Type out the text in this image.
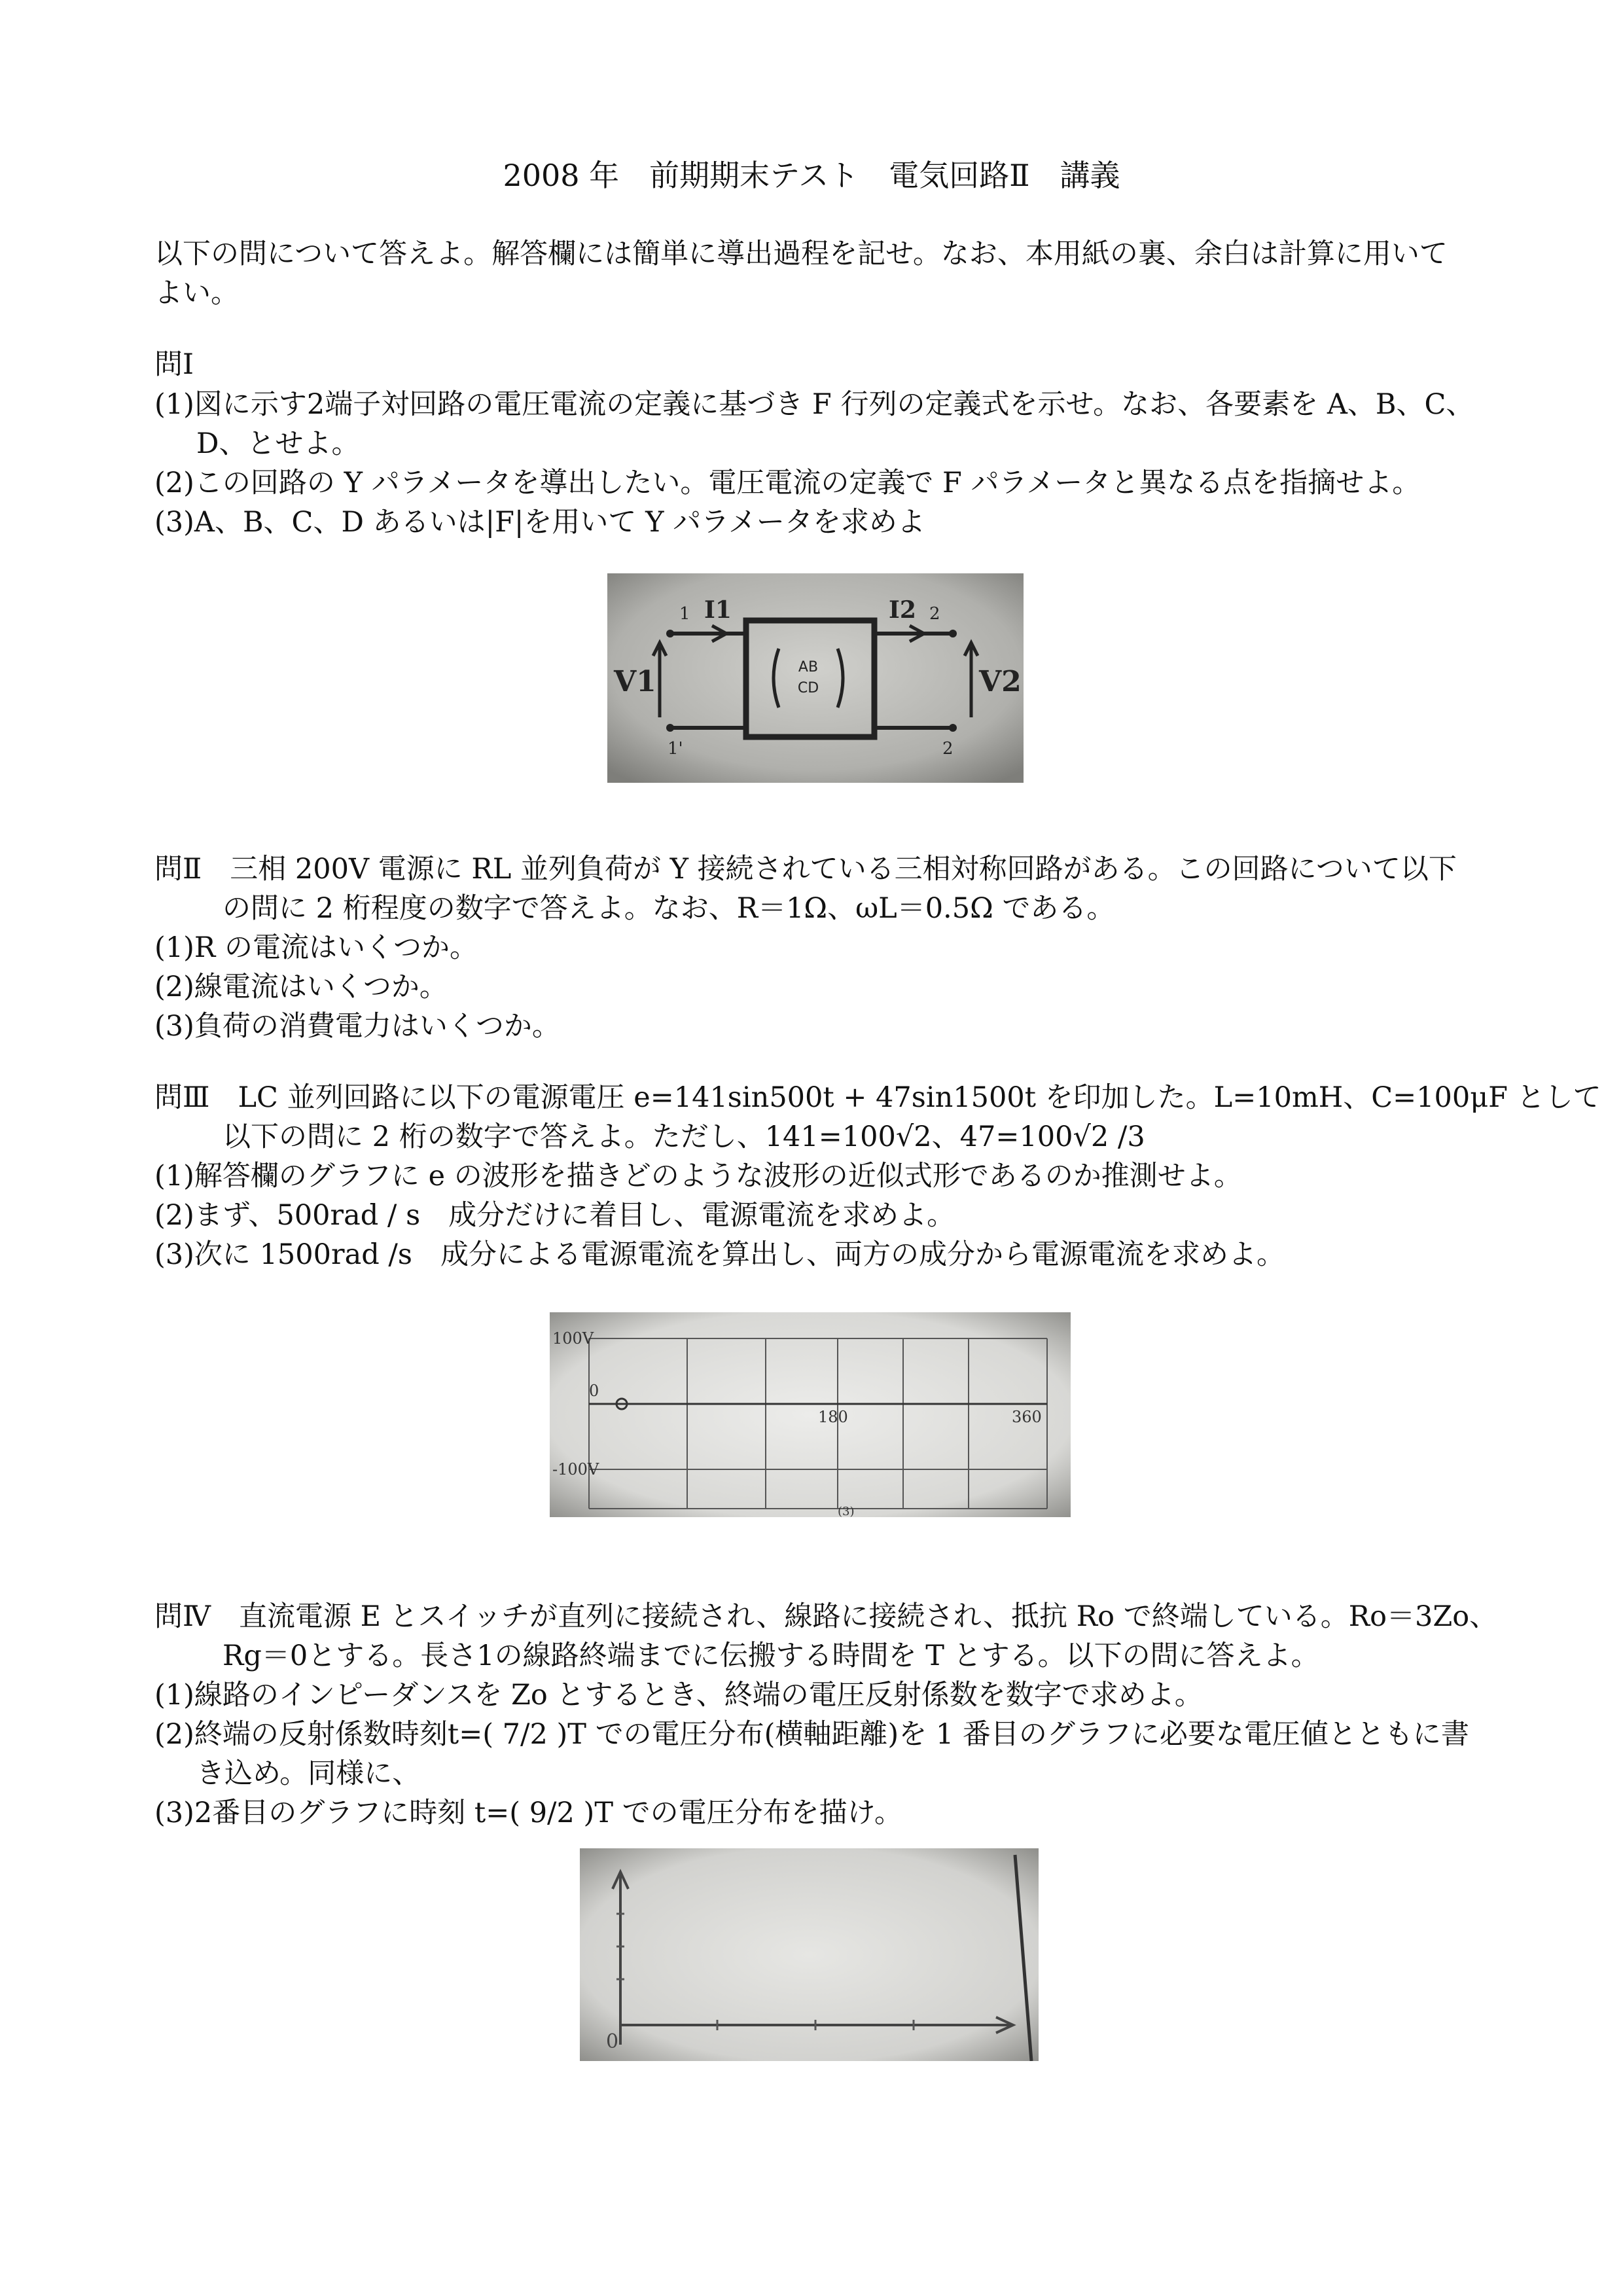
2008 年　前期期末テスト　電気回路Ⅱ　講義
以下の問について答えよ。解答欄には簡単に導出過程を記せ。なお、本用紙の裏、余白は計算に用いて
よい。
問Ⅰ
(1)図に示す2端子対回路の電圧電流の定義に基づき F 行列の定義式を示せ。なお、各要素を A、B、C、
D、とせよ。
(2)この回路の Y パラメータを導出したい。電圧電流の定義で F パラメータと異なる点を指摘せよ。
(3)A、B、C、D あるいは|F|を用いて Y パラメータを求めよ
AB
CD
1 I1	I2 2
V1	V2
1'	2
問Ⅱ　三相 200V 電源に RL 並列負荷が Y 接続されている三相対称回路がある。この回路について以下
の問に 2 桁程度の数字で答えよ。なお、R＝1Ω、ωL＝0.5Ω である。
(1)R の電流はいくつか。
(2)線電流はいくつか。
(3)負荷の消費電力はいくつか。
問Ⅲ　LC 並列回路に以下の電源電圧 e=141sin500t + 47sin1500t を印加した。L=10mH、C=100μF として
以下の問に 2 桁の数字で答えよ。ただし、141=100√2、47=100√2 /3
(1)解答欄のグラフに e の波形を描きどのような波形の近似式形であるのか推測せよ。
(2)まず、500rad / s　成分だけに着目し、電源電流を求めよ。
(3)次に 1500rad /s　成分による電源電流を算出し、両方の成分から電源電流を求めよ。
100V
0
-100V
180	360
(3)
問Ⅳ　直流電源 E とスイッチが直列に接続され、線路に接続され、抵抗 Ro で終端している。Ro＝3Zo、
Rg＝0とする。長さ1の線路終端までに伝搬する時間を T とする。以下の問に答えよ。
(1)線路のインピーダンスを Zo とするとき、終端の電圧反射係数を数字で求めよ。
(2)終端の反射係数時刻t=( 7/2 )T での電圧分布(横軸距離)を 1 番目のグラフに必要な電圧値とともに書
き込め。同様に、
(3)2番目のグラフに時刻 t=( 9/2 )T での電圧分布を描け。
0
